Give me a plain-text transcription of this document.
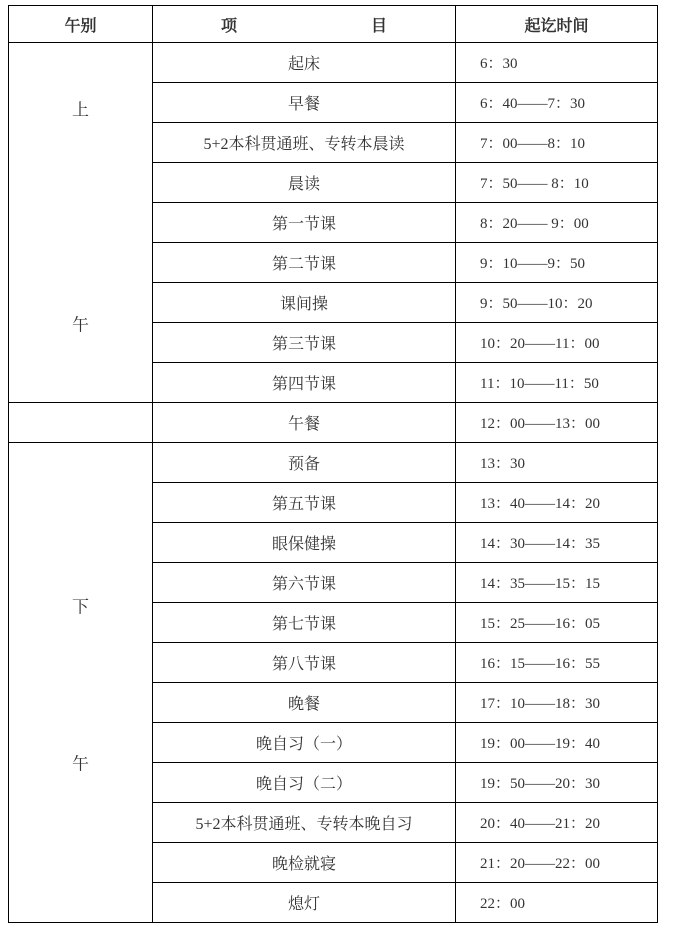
午别	项 目	起讫时间

上
午	起床	6：30
	早餐	6：40——7：30
	5+2本科贯通班、专转本晨读	7：00——8：10
	晨读	7：50—— 8：10
	第一节课	8：20—— 9：00
	第二节课	9：10——9：50
	课间操	9：50——10：20
	第三节课	10：20——11：00
	第四节课	11：10——11：50
	午餐	12：00——13：00

下
午	预备	13：30
	第五节课	13：40——14：20
	眼保健操	14：30——14：35
	第六节课	14：35——15：15
	第七节课	15：25——16：05
	第八节课	16：15——16：55
	晚餐	17：10——18：30
	晚自习（一）	19：00——19：40
	晚自习（二）	19：50——20：30
	5+2本科贯通班、专转本晚自习	20：40——21：20
	晚检就寝	21：20——22：00
	熄灯	22：00
